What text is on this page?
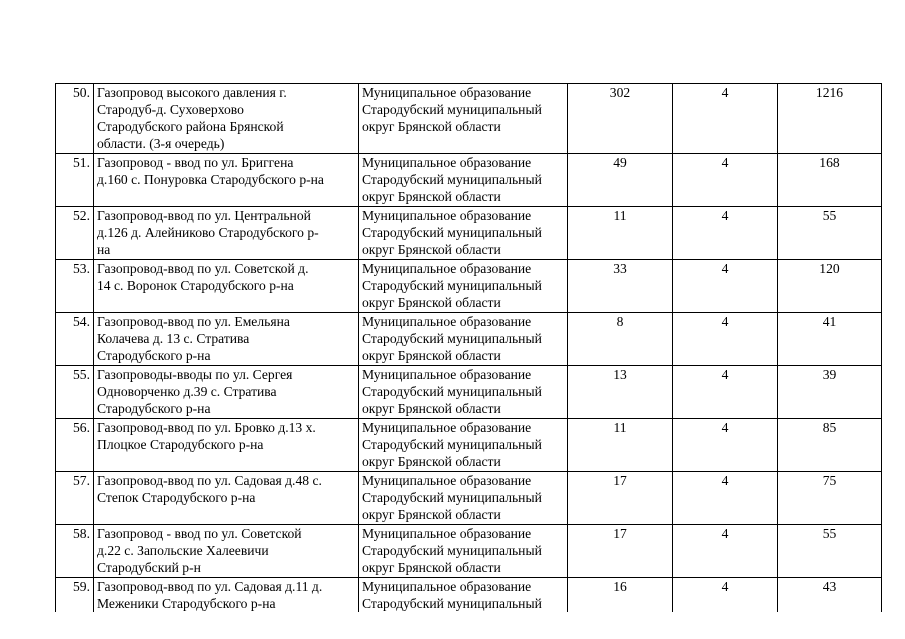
50.	Газопровод высокого давления г.
Стародуб-д. Суховерхово
Стародубского района Брянской
области. (3-я очередь)	Муниципальное образование
Стародубский муниципальный
округ Брянской области	302	4	1216
51.	Газопровод - ввод по ул. Бриггена
д.160 с. Понуровка Стародубского р-на	Муниципальное образование
Стародубский муниципальный
округ Брянской области	49	4	168
52.	Газопровод-ввод по ул. Центральной
д.126 д. Алейниково Стародубского р-
на	Муниципальное образование
Стародубский муниципальный
округ Брянской области	11	4	55
53.	Газопровод-ввод по ул. Советской д.
14 с. Воронок Стародубского р-на	Муниципальное образование
Стародубский муниципальный
округ Брянской области	33	4	120
54.	Газопровод-ввод по ул. Емельяна
Колачева д. 13 с. Стратива
Стародубского р-на	Муниципальное образование
Стародубский муниципальный
округ Брянской области	8	4	41
55.	Газопроводы-вводы по ул. Сергея
Одноворченко д.39 с. Стратива
Стародубского р-на	Муниципальное образование
Стародубский муниципальный
округ Брянской области	13	4	39
56.	Газопровод-ввод по ул. Бровко д.13 х.
Плоцкое Стародубского р-на	Муниципальное образование
Стародубский муниципальный
округ Брянской области	11	4	85
57.	Газопровод-ввод по ул. Садовая д.48 с.
Степок Стародубского р-на	Муниципальное образование
Стародубский муниципальный
округ Брянской области	17	4	75
58.	Газопровод - ввод по ул. Советской
д.22 с. Запольские Халеевичи
Стародубский р-н	Муниципальное образование
Стародубский муниципальный
округ Брянской области	17	4	55
59.	Газопровод-ввод по ул. Садовая д.11 д.
Меженики Стародубского р-на	Муниципальное образование
Стародубский муниципальный	16	4	43
